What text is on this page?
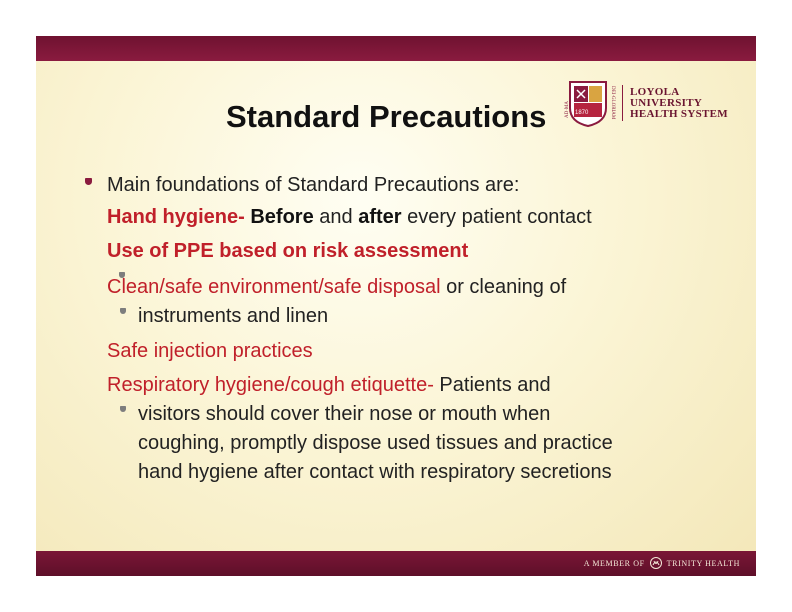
1870	DEI·GLORIAM
AD·MA
LOYOLA
UNIVERSITY
HEALTH SYSTEM
Standard Precautions
Main foundations of Standard Precautions are:
Hand hygiene- Before and after every patient contact
Use of PPE based on risk assessment
Clean/safe environment/safe disposal or cleaning of
instruments and linen
Safe injection practices
Respiratory hygiene/cough etiquette- Patients and
visitors should cover their nose or mouth when
coughing, promptly dispose used tissues and practice
hand hygiene after contact with respiratory secretions
A MEMBER OF	TRINITY HEALTH
